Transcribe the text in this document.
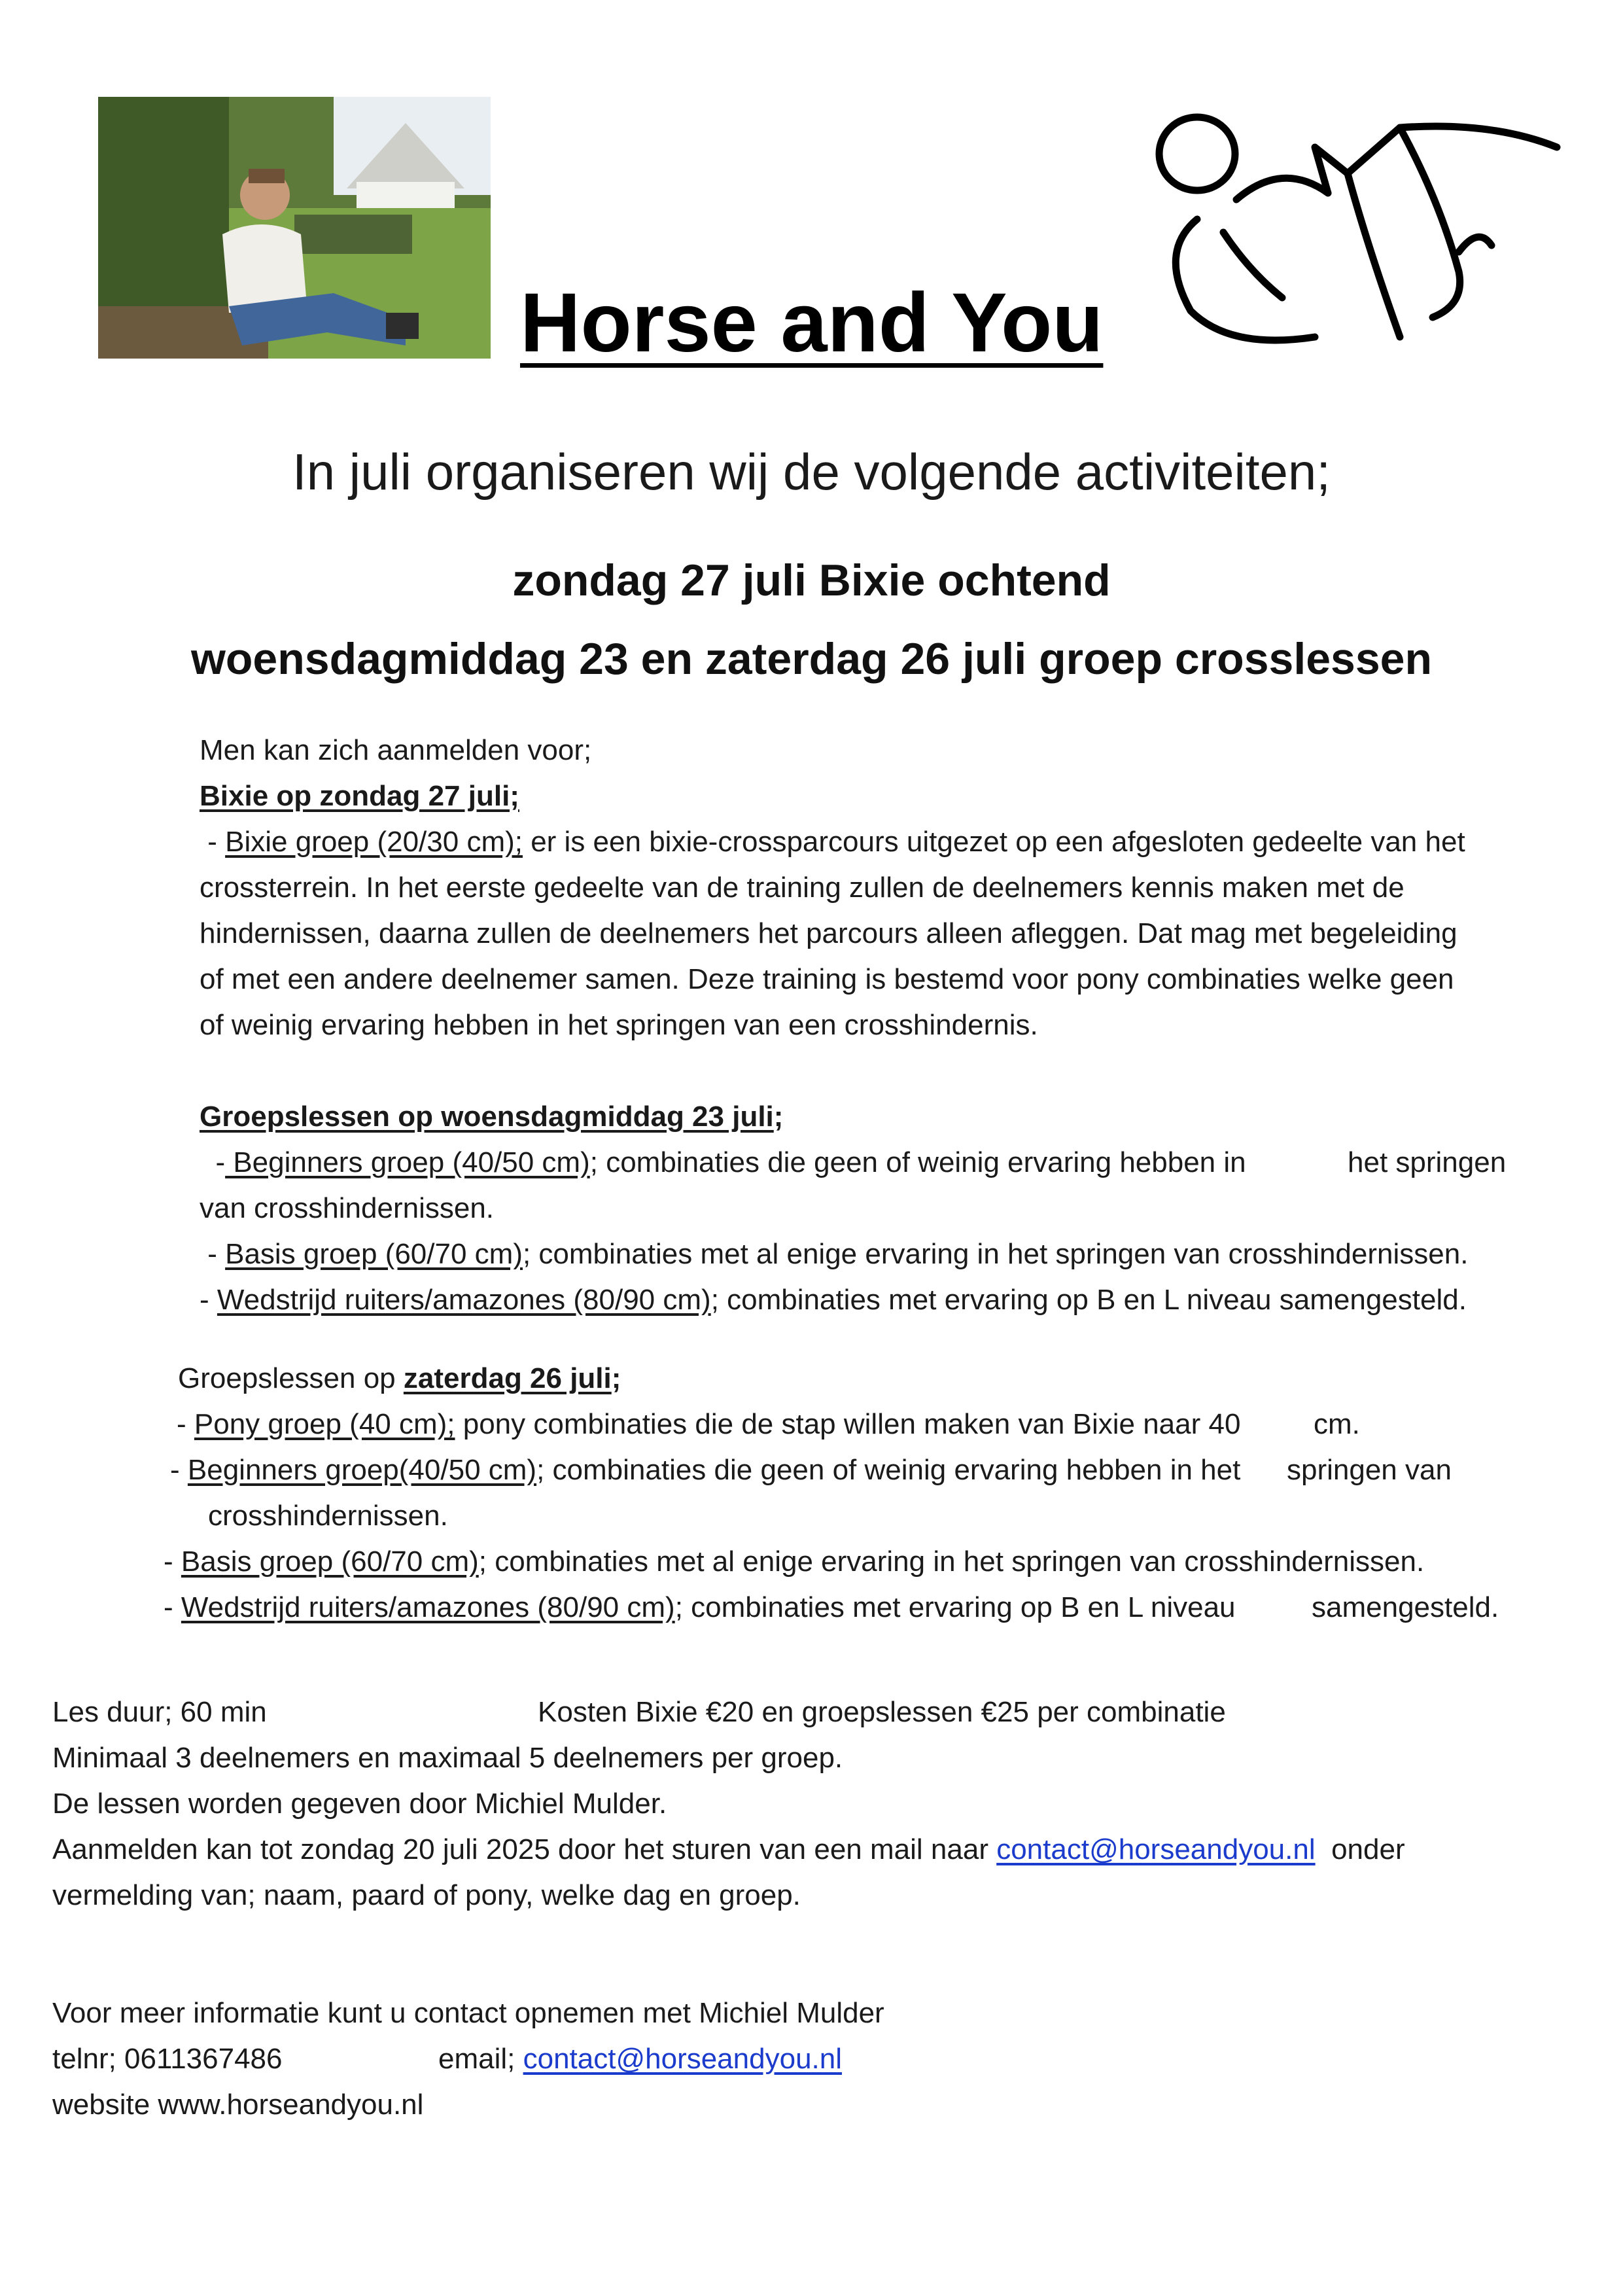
Horse and You
In juli organiseren wij de volgende activiteiten;
zondag 27 juli Bixie ochtend
woensdagmiddag 23 en zaterdag 26 juli groep crosslessen
Men kan zich aanmelden voor;
Bixie op zondag 27 juli;
- Bixie groep (20/30 cm); er is een bixie-crossparcours uitgezet op een afgesloten gedeelte van het
crossterrein. In het eerste gedeelte van de training zullen de deelnemers kennis maken met de
hindernissen, daarna zullen de deelnemers het parcours alleen afleggen. Dat mag met begeleiding
of met een andere deelnemer samen. Deze training is bestemd voor pony combinaties welke geen
of weinig ervaring hebben in het springen van een crosshindernis.
Groepslessen op woensdagmiddag 23 juli;
- Beginners groep (40/50 cm); combinaties die geen of weinig ervaring hebben in	het springen
van crosshindernissen.
- Basis groep (60/70 cm); combinaties met al enige ervaring in het springen van crosshindernissen.
- Wedstrijd ruiters/amazones (80/90 cm); combinaties met ervaring op B en L niveau samengesteld.
Groepslessen op zaterdag 26 juli;
- Pony groep (40 cm); pony combinaties die de stap willen maken van Bixie naar 40	cm.
- Beginners groep(40/50 cm); combinaties die geen of weinig ervaring hebben in het springen van
crosshindernissen.
- Basis groep (60/70 cm); combinaties met al enige ervaring in het springen van crosshindernissen.
- Wedstrijd ruiters/amazones (80/90 cm); combinaties met ervaring op B en L niveau	samengesteld.
Les duur; 60 min	Kosten Bixie €20 en groepslessen €25 per combinatie
Minimaal 3 deelnemers en maximaal 5 deelnemers per groep.
De lessen worden gegeven door Michiel Mulder.
Aanmelden kan tot zondag 20 juli 2025 door het sturen van een mail naar contact@horseandyou.nl  onder
vermelding van; naam, paard of pony, welke dag en groep.
Voor meer informatie kunt u contact opnemen met Michiel Mulder
telnr; 0611367486	email; contact@horseandyou.nl
website www.horseandyou.nl
